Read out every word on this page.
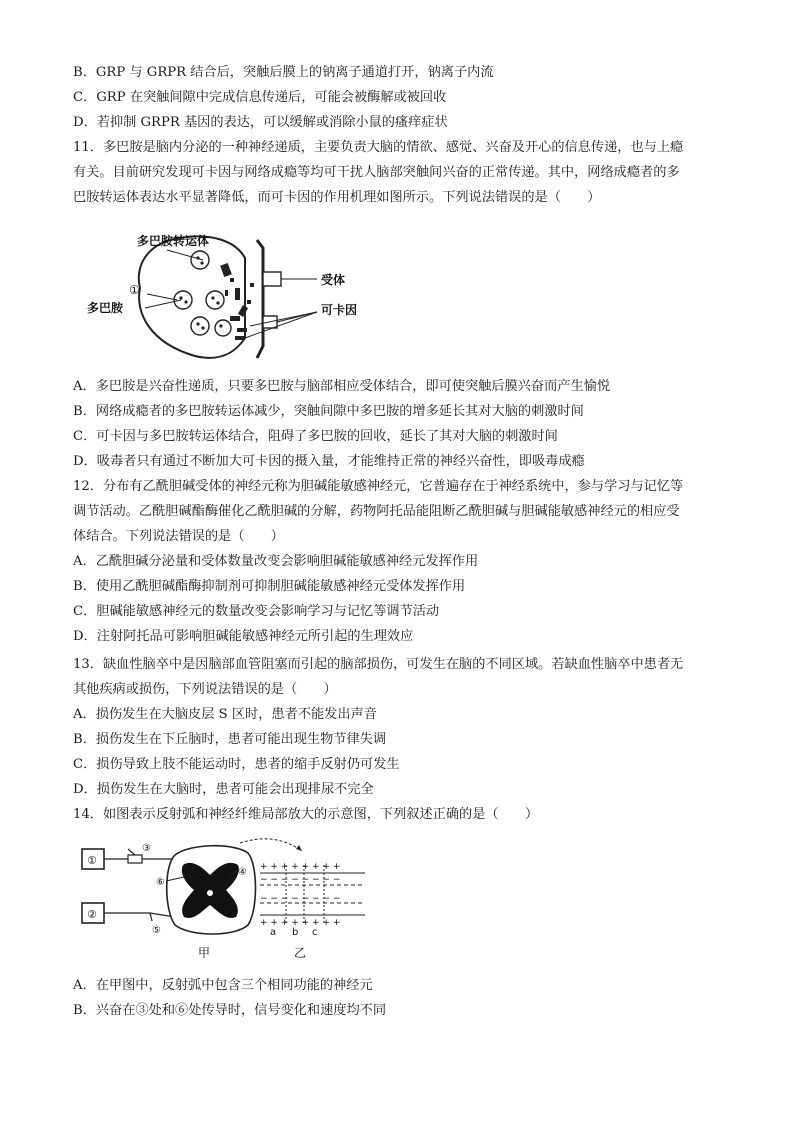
B．GRP 与 GRPR 结合后，突触后膜上的钠离子通道打开，钠离子内流
C．GRP 在突触间隙中完成信息传递后，可能会被酶解或被回收
D．若抑制 GRPR 基因的表达，可以缓解或消除小鼠的瘙痒症状
11．多巴胺是脑内分泌的一种神经递质，主要负责大脑的情欲、感觉、兴奋及开心的信息传递，也与上瘾
有关。目前研究发现可卡因与网络成瘾等均可干扰人脑部突触间兴奋的正常传递。其中，网络成瘾者的多
巴胺转运体表达水平显著降低，而可卡因的作用机理如图所示。下列说法错误的是（　　）
多巴胺转运体
①
多巴胺
受体
可卡因
A．多巴胺是兴奋性递质，只要多巴胺与脑部相应受体结合，即可使突触后膜兴奋而产生愉悦
B．网络成瘾者的多巴胺转运体减少，突触间隙中多巴胺的增多延长其对大脑的刺激时间
C．可卡因与多巴胺转运体结合，阻碍了多巴胺的回收，延长了其对大脑的刺激时间
D．吸毒者只有通过不断加大可卡因的摄入量，才能维持正常的神经兴奋性，即吸毒成瘾
12．分布有乙酰胆碱受体的神经元称为胆碱能敏感神经元，它普遍存在于神经系统中，参与学习与记忆等
调节活动。乙酰胆碱酯酶催化乙酰胆碱的分解，药物阿托品能阻断乙酰胆碱与胆碱能敏感神经元的相应受
体结合。下列说法错误的是（　　）
A．乙酰胆碱分泌量和受体数量改变会影响胆碱能敏感神经元发挥作用
B．使用乙酰胆碱酯酶抑制剂可抑制胆碱能敏感神经元受体发挥作用
C．胆碱能敏感神经元的数量改变会影响学习与记忆等调节活动
D．注射阿托品可影响胆碱能敏感神经元所引起的生理效应
13．缺血性脑卒中是因脑部血管阻塞而引起的脑部损伤，可发生在脑的不同区域。若缺血性脑卒中患者无
其他疾病或损伤，下列说法错误的是（　　）
A．损伤发生在大脑皮层 S 区时，患者不能发出声音
B．损伤发生在下丘脑时，患者可能出现生物节律失调
C．损伤导致上肢不能运动时，患者的缩手反射仍可发生
D．损伤发生在大脑时，患者可能会出现排尿不完全
14．如图表示反射弧和神经纤维局部放大的示意图，下列叙述正确的是（　　）
①
②
③
④
⑤
⑥
+ + + + + + + +
− − − − − − − −
− − − − − − − −
+ + + + + + + +
a b c
甲	乙
A．在甲图中，反射弧中包含三个相同功能的神经元
B．兴奋在③处和⑥处传导时，信号变化和速度均不同
